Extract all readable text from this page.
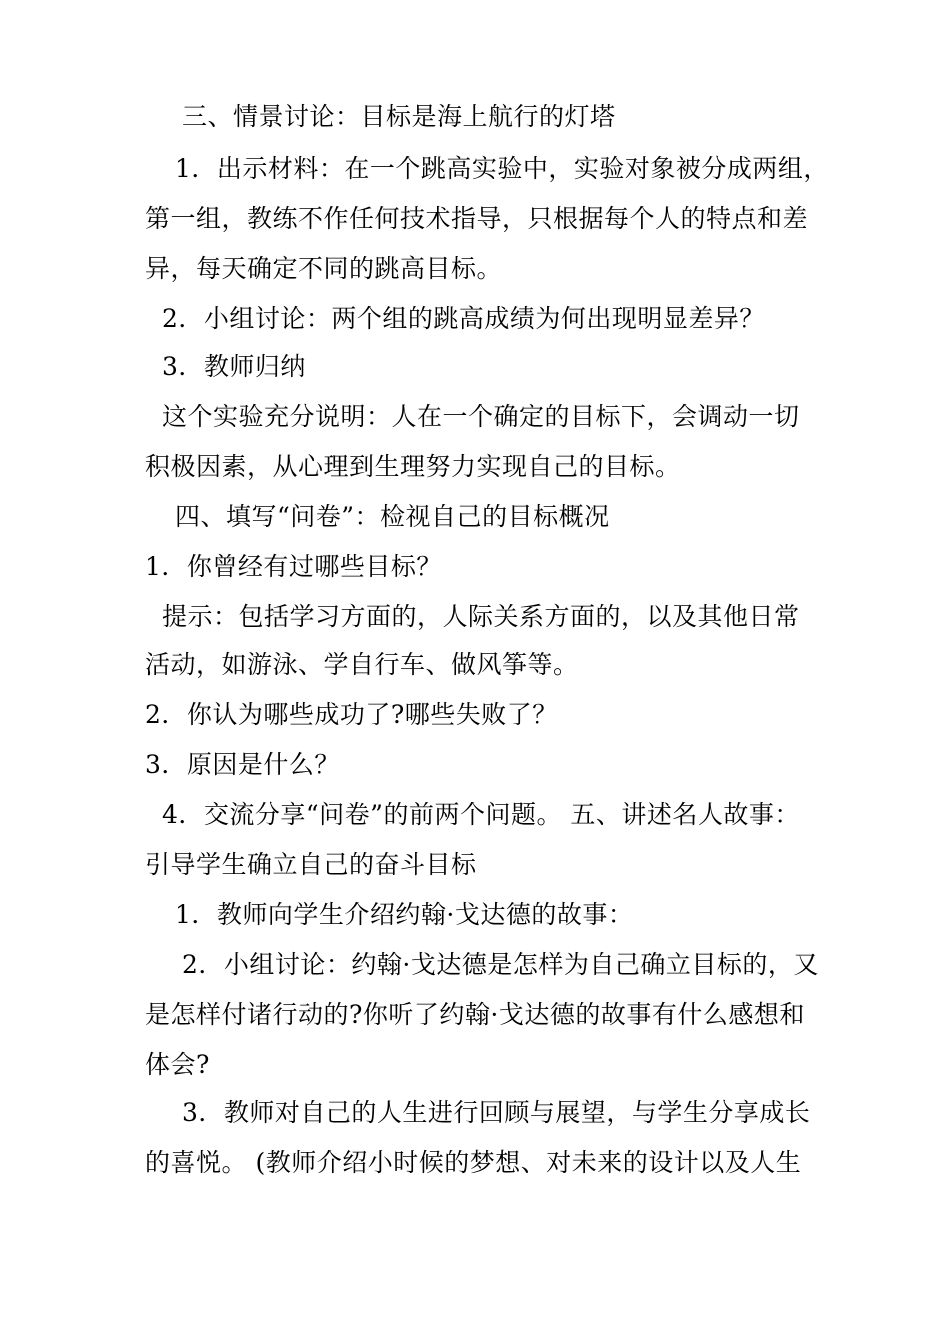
三、情景讨论：目标是海上航行的灯塔
1．出示材料：在一个跳高实验中，实验对象被分成两组，
第一组，教练不作任何技术指导，只根据每个人的特点和差
异，每天确定不同的跳高目标。
2．小组讨论：两个组的跳高成绩为何出现明显差异？
3．教师归纳
这个实验充分说明：人在一个确定的目标下，会调动一切
积极因素，从心理到生理努力实现自己的目标。
四、填写“问卷”：检视自己的目标概况
1．你曾经有过哪些目标？
提示：包括学习方面的，人际关系方面的，以及其他日常
活动，如游泳、学自行车、做风筝等。
2．你认为哪些成功了?哪些失败了？
3．原因是什么？
4．交流分享“问卷”的前两个问题。 五、讲述名人故事：
引导学生确立自己的奋斗目标
1．教师向学生介绍约翰·戈达德的故事：
2．小组讨论：约翰·戈达德是怎样为自己确立目标的，又
是怎样付诸行动的?你听了约翰·戈达德的故事有什么感想和
体会?
3．教师对自己的人生进行回顾与展望，与学生分享成长
的喜悦。 (教师介绍小时候的梦想、对未来的设计以及人生
